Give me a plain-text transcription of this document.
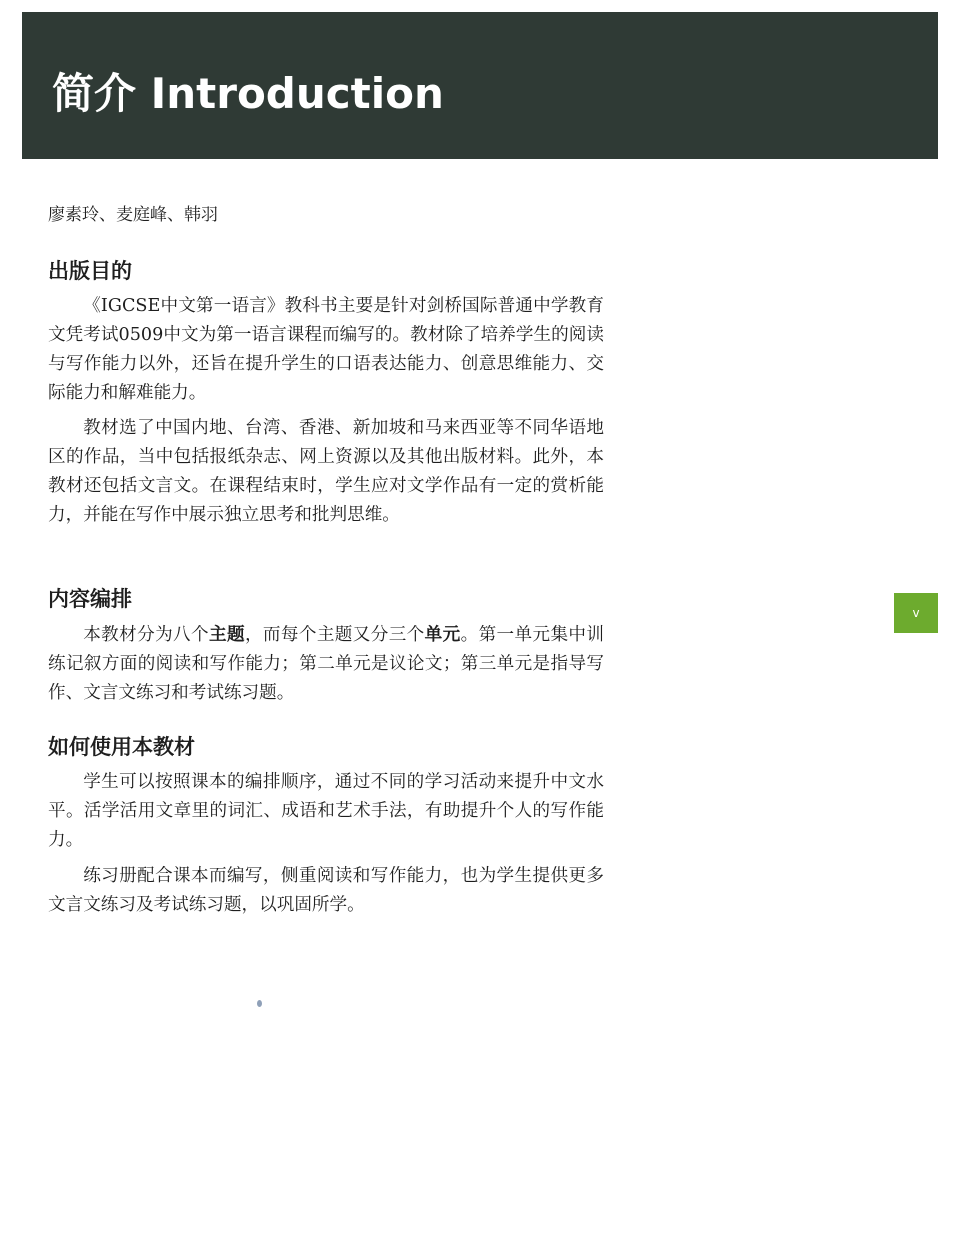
简介 Introduction
廖素玲、麦庭峰、韩羽
出版目的

《IGCSE中文第一语言》教科书主要是针对剑桥国际普通中学教育文凭考试0509中文为第一语言课程而编写的。教材除了培养学生的阅读与写作能力以外，还旨在提升学生的口语表达能力、创意思维能力、交际能力和解难能力。

教材选了中国内地、台湾、香港、新加坡和马来西亚等不同华语地区的作品，当中包括报纸杂志、网上资源以及其他出版材料。此外，本教材还包括文言文。在课程结束时，学生应对文学作品有一定的赏析能力，并能在写作中展示独立思考和批判思维。

内容编排

本教材分为八个主题，而每个主题又分三个单元。第一单元集中训练记叙方面的阅读和写作能力；第二单元是议论文；第三单元是指导写作、文言文练习和考试练习题。

如何使用本教材

学生可以按照课本的编排顺序，通过不同的学习活动来提升中文水平。活学活用文章里的词汇、成语和艺术手法，有助提升个人的写作能力。

练习册配合课本而编写，侧重阅读和写作能力，也为学生提供更多文言文练习及考试练习题，以巩固所学。

v
